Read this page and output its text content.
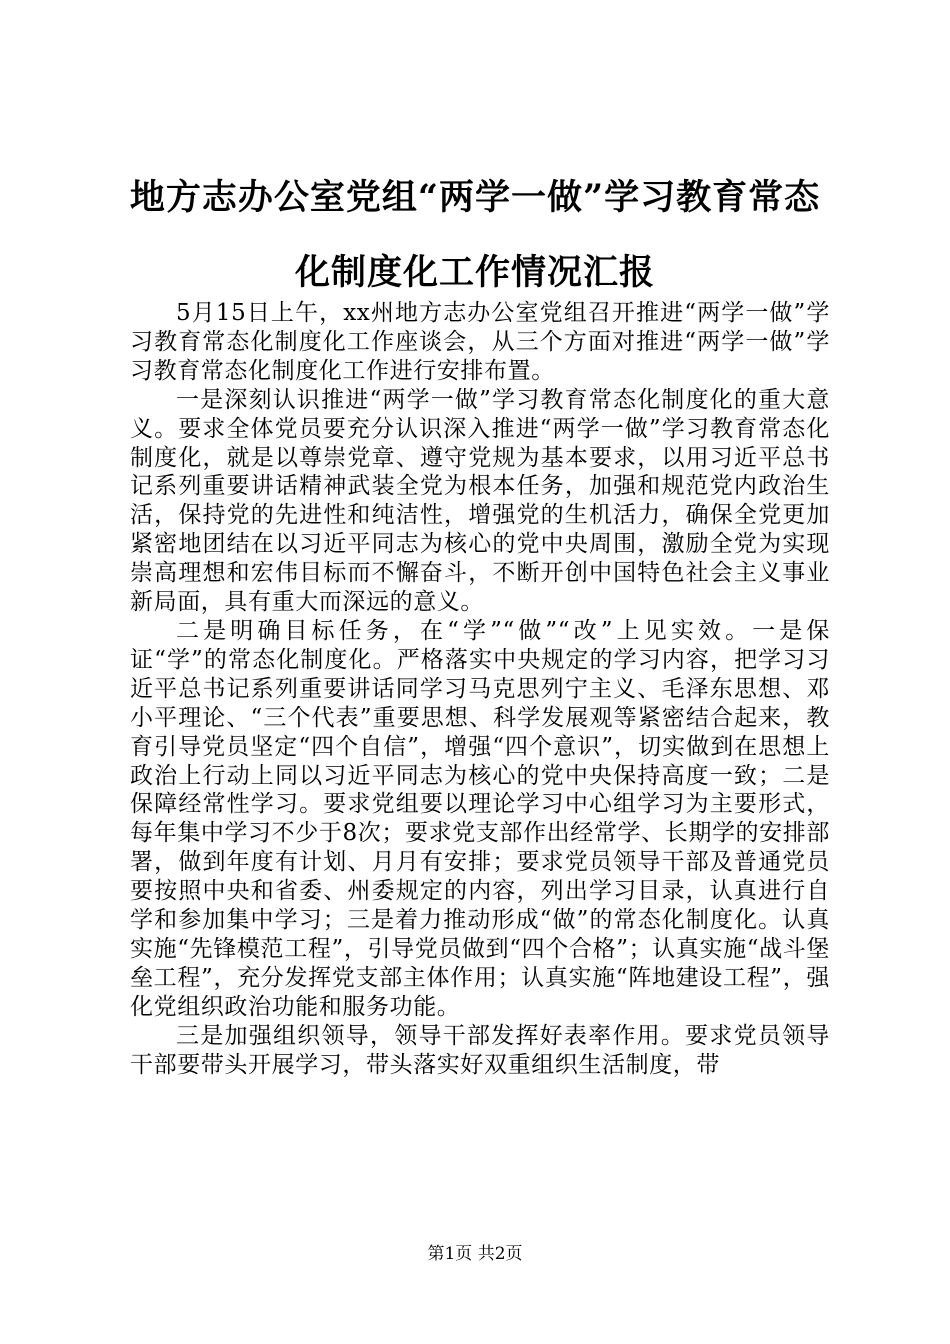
地方志办公室党组“两学一做”学习教育常态化制度化工作情况汇报

5月15日上午，xx州地方志办公室党组召开推进“两学一做”学习教育常态化制度化工作座谈会，从三个方面对推进“两学一做”学习教育常态化制度化工作进行安排布置。

一是深刻认识推进“两学一做”学习教育常态化制度化的重大意义。要求全体党员要充分认识深入推进“两学一做”学习教育常态化制度化，就是以尊崇党章、遵守党规为基本要求，以用习近平总书记系列重要讲话精神武装全党为根本任务，加强和规范党内政治生活，保持党的先进性和纯洁性，增强党的生机活力，确保全党更加紧密地团结在以习近平同志为核心的党中央周围，激励全党为实现崇高理想和宏伟目标而不懈奋斗，不断开创中国特色社会主义事业新局面，具有重大而深远的意义。

二是明确目标任务，在“学”“做”“改”上见实效。一是保证“学”的常态化制度化。严格落实中央规定的学习内容，把学习习近平总书记系列重要讲话同学习马克思列宁主义、毛泽东思想、邓小平理论、“三个代表”重要思想、科学发展观等紧密结合起来，教育引导党员坚定“四个自信”，增强“四个意识”，切实做到在思想上政治上行动上同以习近平同志为核心的党中央保持高度一致；二是保障经常性学习。要求党组要以理论学习中心组学习为主要形式，每年集中学习不少于8次；要求党支部作出经常学、长期学的安排部署，做到年度有计划、月月有安排；要求党员领导干部及普通党员要按照中央和省委、州委规定的内容，列出学习目录，认真进行自学和参加集中学习；三是着力推动形成“做”的常态化制度化。认真实施“先锋模范工程”，引导党员做到“四个合格”；认真实施“战斗堡垒工程”，充分发挥党支部主体作用；认真实施“阵地建设工程”，强化党组织政治功能和服务功能。

三是加强组织领导，领导干部发挥好表率作用。要求党员领导干部要带头开展学习，带头落实好双重组织生活制度，带

第1页 共2页
